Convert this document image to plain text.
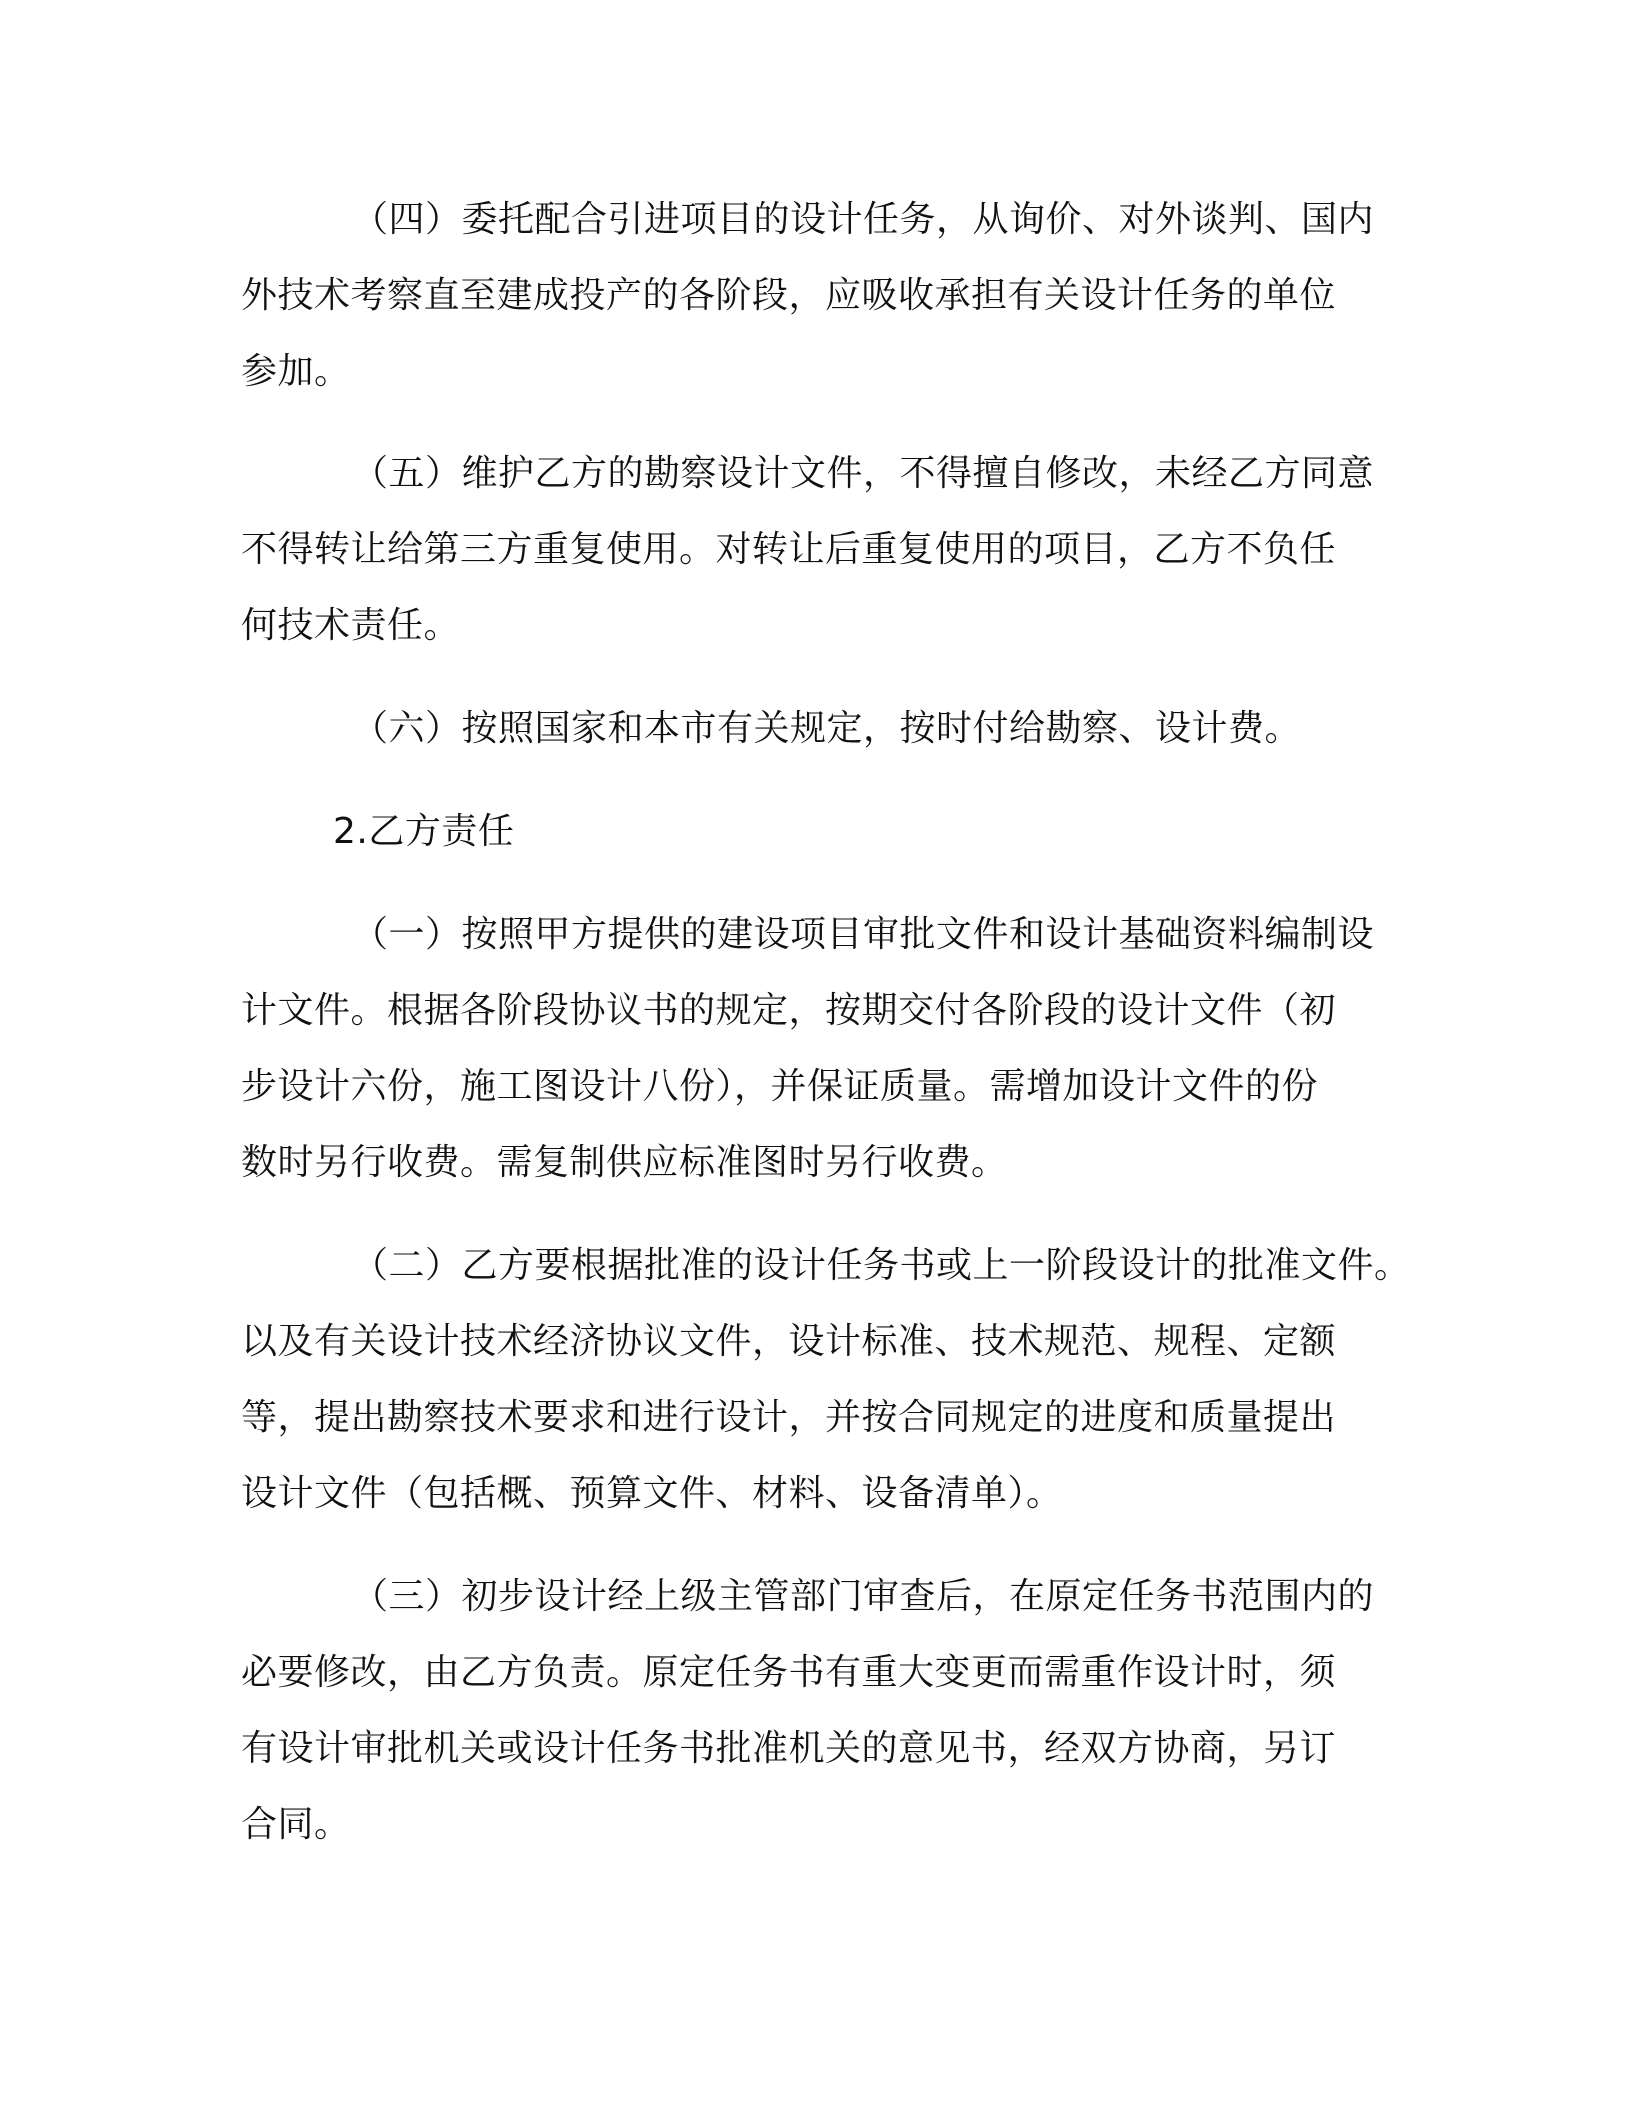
（四）委托配合引进项目的设计任务，从询价、对外谈判、国内
外技术考察直至建成投产的各阶段，应吸收承担有关设计任务的单位
参加。
（五）维护乙方的勘察设计文件，不得擅自修改，未经乙方同意
不得转让给第三方重复使用。对转让后重复使用的项目，乙方不负任
何技术责任。
（六）按照国家和本市有关规定，按时付给勘察、设计费。
2.乙方责任
（一）按照甲方提供的建设项目审批文件和设计基础资料编制设
计文件。根据各阶段协议书的规定，按期交付各阶段的设计文件（初
步设计六份，施工图设计八份），并保证质量。需增加设计文件的份
数时另行收费。需复制供应标准图时另行收费。
（二）乙方要根据批准的设计任务书或上一阶段设计的批准文件。
以及有关设计技术经济协议文件，设计标准、技术规范、规程、定额
等，提出勘察技术要求和进行设计，并按合同规定的进度和质量提出
设计文件（包括概、预算文件、材料、设备清单）。
（三）初步设计经上级主管部门审查后，在原定任务书范围内的
必要修改，由乙方负责。原定任务书有重大变更而需重作设计时，须
有设计审批机关或设计任务书批准机关的意见书，经双方协商，另订
合同。
